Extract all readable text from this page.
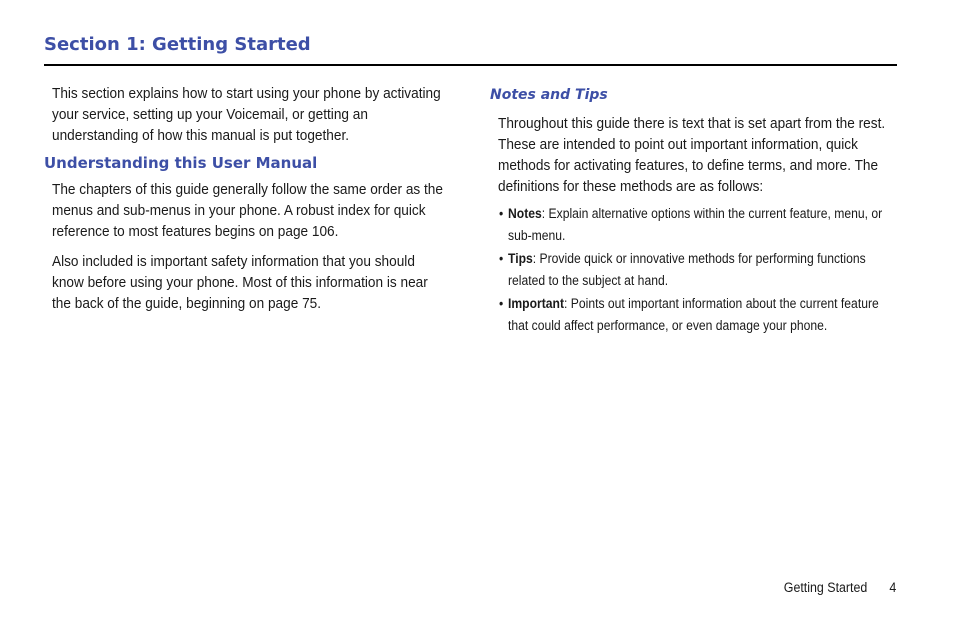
Section 1: Getting Started

This section explains how to start using your phone by activating your service, setting up your Voicemail, or getting an understanding of how this manual is put together.

Understanding this User Manual

The chapters of this guide generally follow the same order as the menus and sub-menus in your phone. A robust index for quick reference to most features begins on page 106.

Also included is important safety information that you should know before using your phone. Most of this information is near the back of the guide, beginning on page 75.

Notes and Tips

Throughout this guide there is text that is set apart from the rest. These are intended to point out important information, quick methods for activating features, to define terms, and more. The definitions for these methods are as follows:

• Notes: Explain alternative options within the current feature, menu, or sub-menu.
• Tips: Provide quick or innovative methods for performing functions related to the subject at hand.
• Important: Points out important information about the current feature that could affect performance, or even damage your phone.
Getting Started 4
